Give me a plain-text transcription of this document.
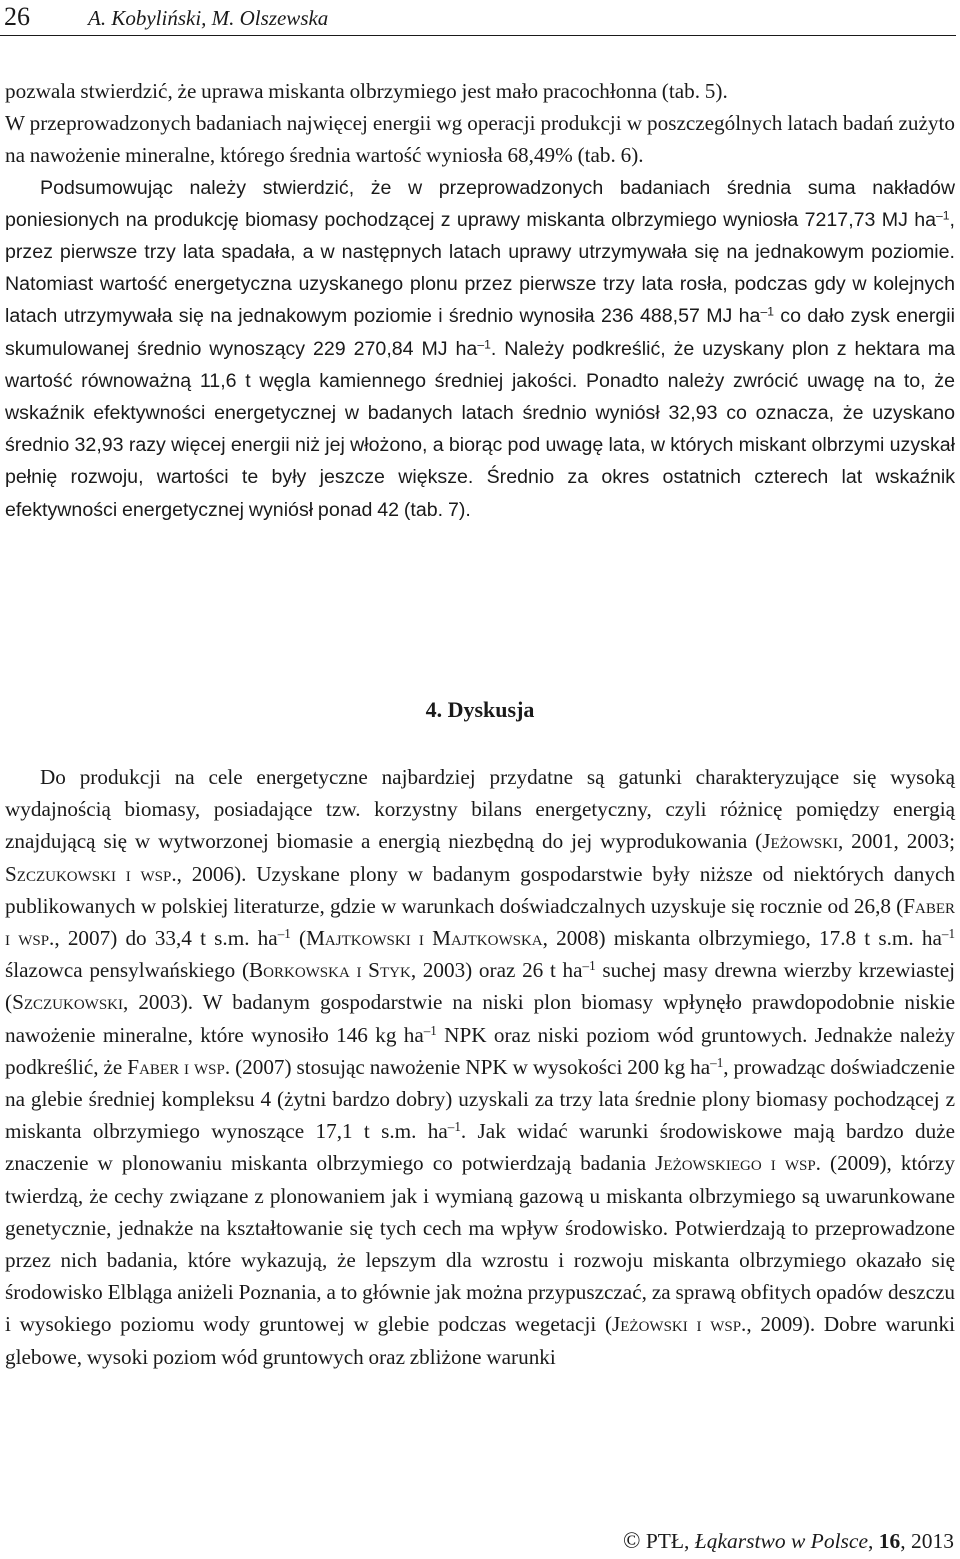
26	A. Kobyliński, M. Olszewska

pozwala stwierdzić, że uprawa miskanta olbrzymiego jest mało pracochłonna (tab. 5).
W przeprowadzonych badaniach najwięcej energii wg operacji produkcji w poszczególnych latach badań zużyto na nawożenie mineralne, którego średnia wartość wyniosła 68,49% (tab. 6).

Podsumowując należy stwierdzić, że w przeprowadzonych badaniach średnia suma nakładów poniesionych na produkcję biomasy pochodzącej z uprawy miskanta olbrzymiego wyniosła 7217,73 MJ $ha^{-1}$, przez pierwsze trzy lata spadała, a w następnych latach uprawy utrzymywała się na jednakowym poziomie. Natomiast wartość energetyczna uzyskanego plonu przez pierwsze trzy lata rosła, podczas gdy w kolejnych latach utrzymywała się na jednakowym poziomie i średnio wynosiła 236 488,57 MJ $ha^{-1}$ co dało zysk energii skumulowanej średnio wynoszący 229 270,84 MJ $ha^{-1}$. Należy podkreślić, że uzyskany plon z hektara ma wartość równoważną 11,6 t węgla kamiennego średniej jakości. Ponadto należy zwrócić uwagę na to, że wskaźnik efektywności energetycznej w badanych latach średnio wyniósł 32,93 co oznacza, że uzyskano średnio 32,93 razy więcej energii niż jej włożono, a biorąc pod uwagę lata, w których miskant olbrzymi uzyskał pełnię rozwoju, wartości te były jeszcze większe. Średnio za okres ostatnich czterech lat wskaźnik efektywności energetycznej wyniósł ponad 42 (tab. 7).

4. Dyskusja

Do produkcji na cele energetyczne najbardziej przydatne są gatunki charakteryzujące się wysoką wydajnością biomasy, posiadające tzw. korzystny bilans energetyczny, czyli różnicę pomiędzy energią znajdującą się w wytworzonej biomasie a energią niezbędną do jej wyprodukowania (Jeżowski, 2001, 2003; Szczukowski i wsp., 2006). Uzyskane plony w badanym gospodarstwie były niższe od niektórych danych publikowanych w polskiej literaturze, gdzie w warunkach doświadczalnych uzyskuje się rocznie od 26,8 (Faber i wsp., 2007) do 33,4 t s.m. $ha^{-1}$ (Majtkowski i Majtkowska, 2008) miskanta olbrzymiego, 17.8 t s.m. $ha^{-1}$ ślazowca pensylwańskiego (Borkowska i Styk, 2003) oraz 26 t $ha^{-1}$ suchej masy drewna wierzby krzewiastej (Szczukowski, 2003). W badanym gospodarstwie na niski plon biomasy wpłynęło prawdopodobnie niskie nawożenie mineralne, które wynosiło 146 kg $ha^{-1}$ NPK oraz niski poziom wód gruntowych. Jednakże należy podkreślić, że Faber i wsp. (2007) stosując nawożenie NPK w wysokości 200 kg $ha^{-1}$, prowadząc doświadczenie na glebie średniej kompleksu 4 (żytni bardzo dobry) uzyskali za trzy lata średnie plony biomasy pochodzącej z miskanta olbrzymiego wynoszące 17,1 t s.m. $ha^{-1}$. Jak widać warunki środowiskowe mają bardzo duże znaczenie w plonowaniu miskanta olbrzymiego co potwierdzają badania Jeżowskiego i wsp. (2009), którzy twierdzą, że cechy związane z plonowaniem jak i wymianą gazową u miskanta olbrzymiego są uwarunkowane genetycznie, jednakże na kształtowanie się tych cech ma wpływ środowisko. Potwierdzają to przeprowadzone przez nich badania, które wykazują, że lepszym dla wzrostu i rozwoju miskanta olbrzymiego okazało się środowisko Elbląga aniżeli Poznania, a to głównie jak można przypuszczać, za sprawą obfitych opadów deszczu i wysokiego poziomu wody gruntowej w glebie podczas wegetacji (Jeżowski i wsp., 2009). Dobre warunki glebowe, wysoki poziom wód gruntowych oraz zbliżone warunki

© PTŁ, Łąkarstwo w Polsce, 16, 2013
